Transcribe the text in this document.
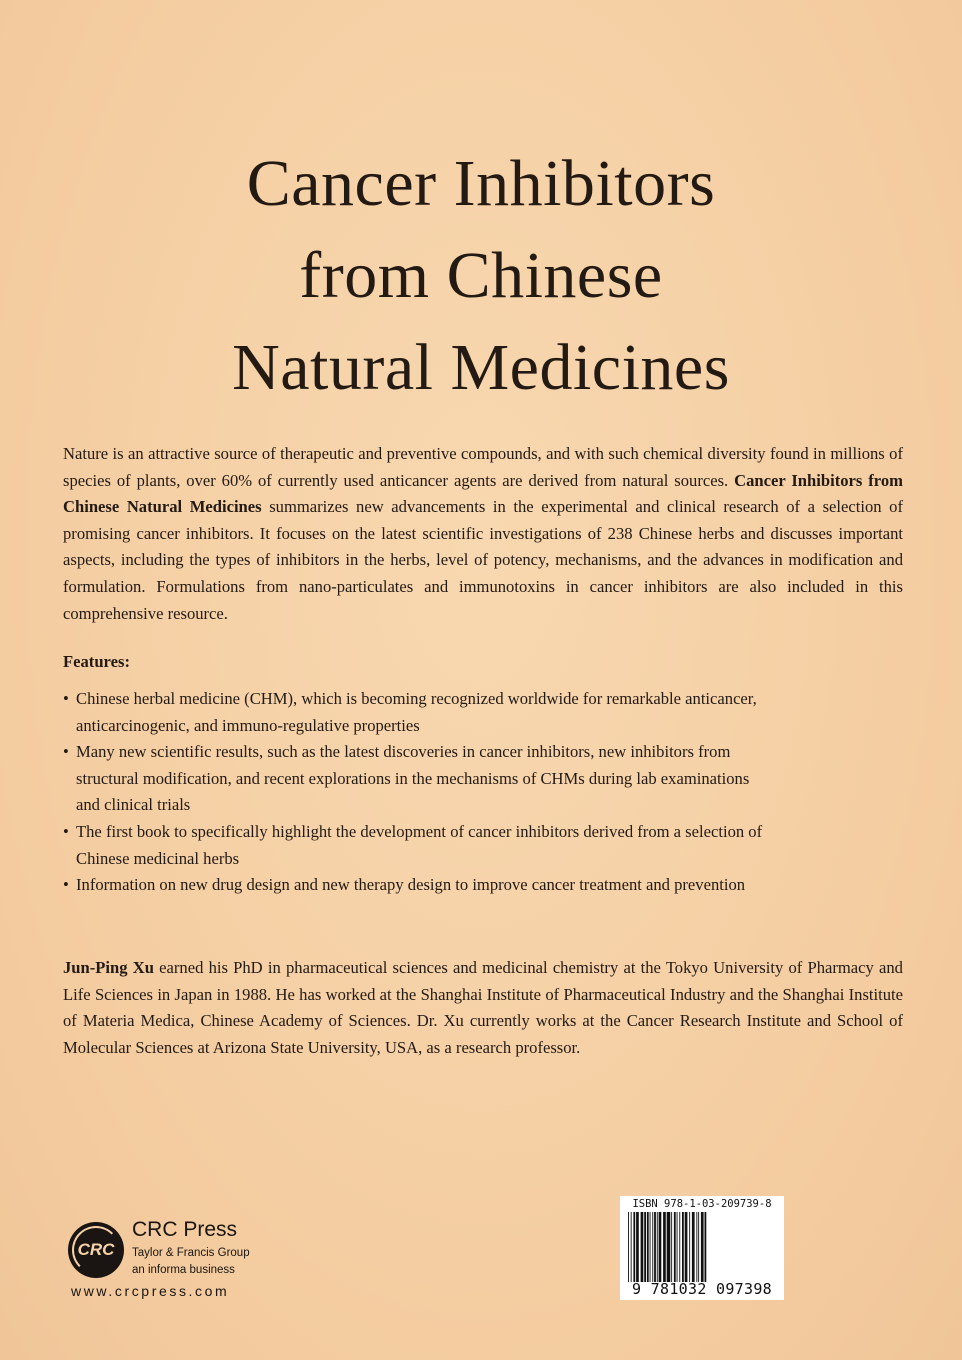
Cancer Inhibitors
from Chinese
Natural Medicines
Nature is an attractive source of therapeutic and preventive compounds, and with such chemical diversity found in millions of species of plants, over 60% of currently used anticancer agents are derived from natural sources. Cancer Inhibitors from Chinese Natural Medicines summarizes new advancements in the experimental and clinical research of a selection of promising cancer inhibitors. It focuses on the latest scientific investigations of 238 Chinese herbs and discusses important aspects, including the types of inhibitors in the herbs, level of potency, mechanisms, and the advances in modification and formulation. Formulations from nano-particulates and immunotoxins in cancer inhibitors are also included in this comprehensive resource.
Features:
• Chinese herbal medicine (CHM), which is becoming recognized worldwide for remarkable anticancer, anticarcinogenic, and immuno-regulative properties
• Many new scientific results, such as the latest discoveries in cancer inhibitors, new inhibitors from structural modification, and recent explorations in the mechanisms of CHMs during lab examinations and clinical trials
• The first book to specifically highlight the development of cancer inhibitors derived from a selection of Chinese medicinal herbs
• Information on new drug design and new therapy design to improve cancer treatment and prevention
Jun-Ping Xu earned his PhD in pharmaceutical sciences and medicinal chemistry at the Tokyo University of Pharmacy and Life Sciences in Japan in 1988. He has worked at the Shanghai Institute of Pharmaceutical Industry and the Shanghai Institute of Materia Medica, Chinese Academy of Sciences. Dr. Xu currently works at the Cancer Research Institute and School of Molecular Sciences at Arizona State University, USA, as a research professor.
CRC
CRC Press
Taylor & Francis Group
an informa business
www.crcpress.com
ISBN 978-1-03-209739-8
9 781032 097398
